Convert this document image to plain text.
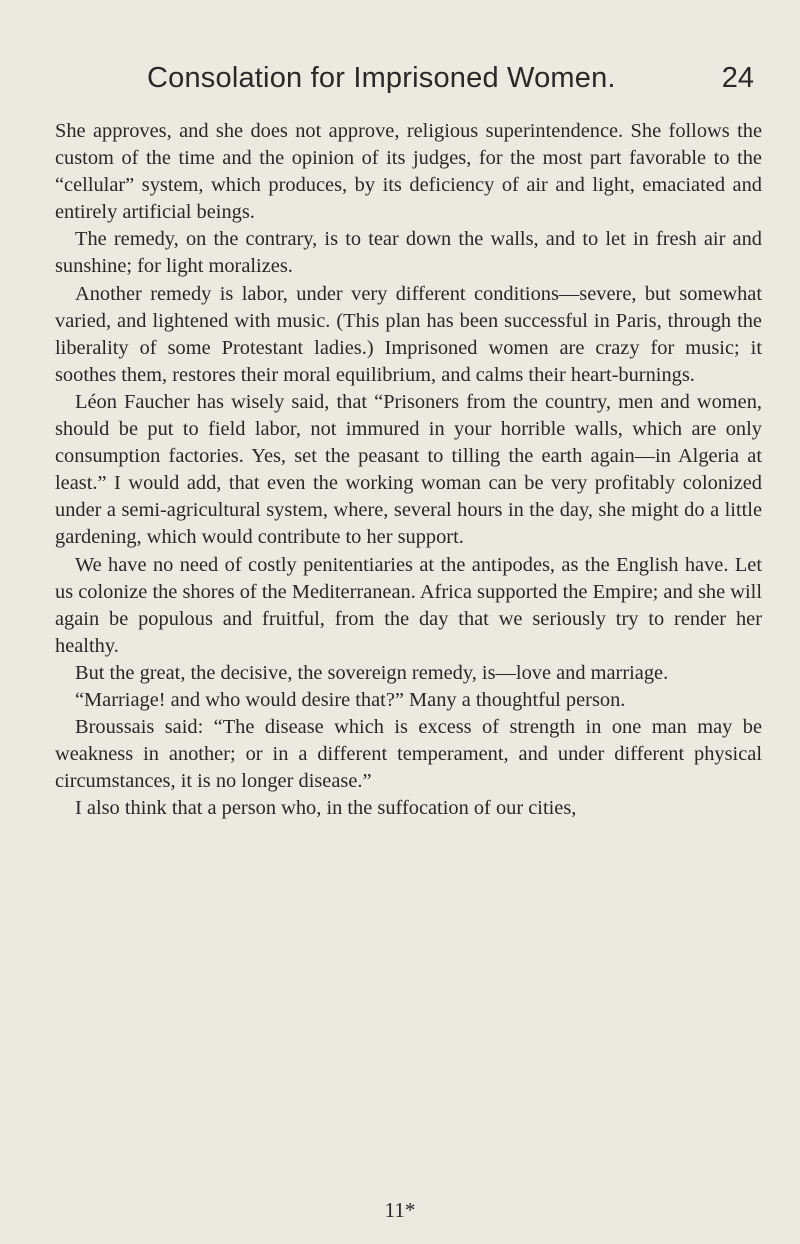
Consolation for Imprisoned Women.	24

She approves, and she does not approve, religious superintendence. She follows the custom of the time and the opinion of its judges, for the most part favorable to the “cellular” system, which produces, by its deficiency of air and light, emaciated and entirely artificial beings.

The remedy, on the contrary, is to tear down the walls, and to let in fresh air and sunshine; for light moralizes.

Another remedy is labor, under very different conditions—severe, but somewhat varied, and lightened with music. (This plan has been successful in Paris, through the liberality of some Protestant ladies.) Imprisoned women are crazy for music; it soothes them, restores their moral equilibrium, and calms their heart-burnings.

Léon Faucher has wisely said, that “Prisoners from the country, men and women, should be put to field labor, not immured in your horrible walls, which are only consumption factories. Yes, set the peasant to tilling the earth again—in Algeria at least.” I would add, that even the working woman can be very profitably colonized under a semi-agricultural system, where, several hours in the day, she might do a little gardening, which would contribute to her support.

We have no need of costly penitentiaries at the antipodes, as the English have. Let us colonize the shores of the Mediterranean. Africa supported the Empire; and she will again be populous and fruitful, from the day that we seriously try to render her healthy.

But the great, the decisive, the sovereign remedy, is—love and marriage.

“Marriage! and who would desire that?” Many a thoughtful person.

Broussais said: “The disease which is excess of strength in one man may be weakness in another; or in a different temperament, and under different physical circumstances, it is no longer disease.”

I also think that a person who, in the suffocation of our cities,

11*
